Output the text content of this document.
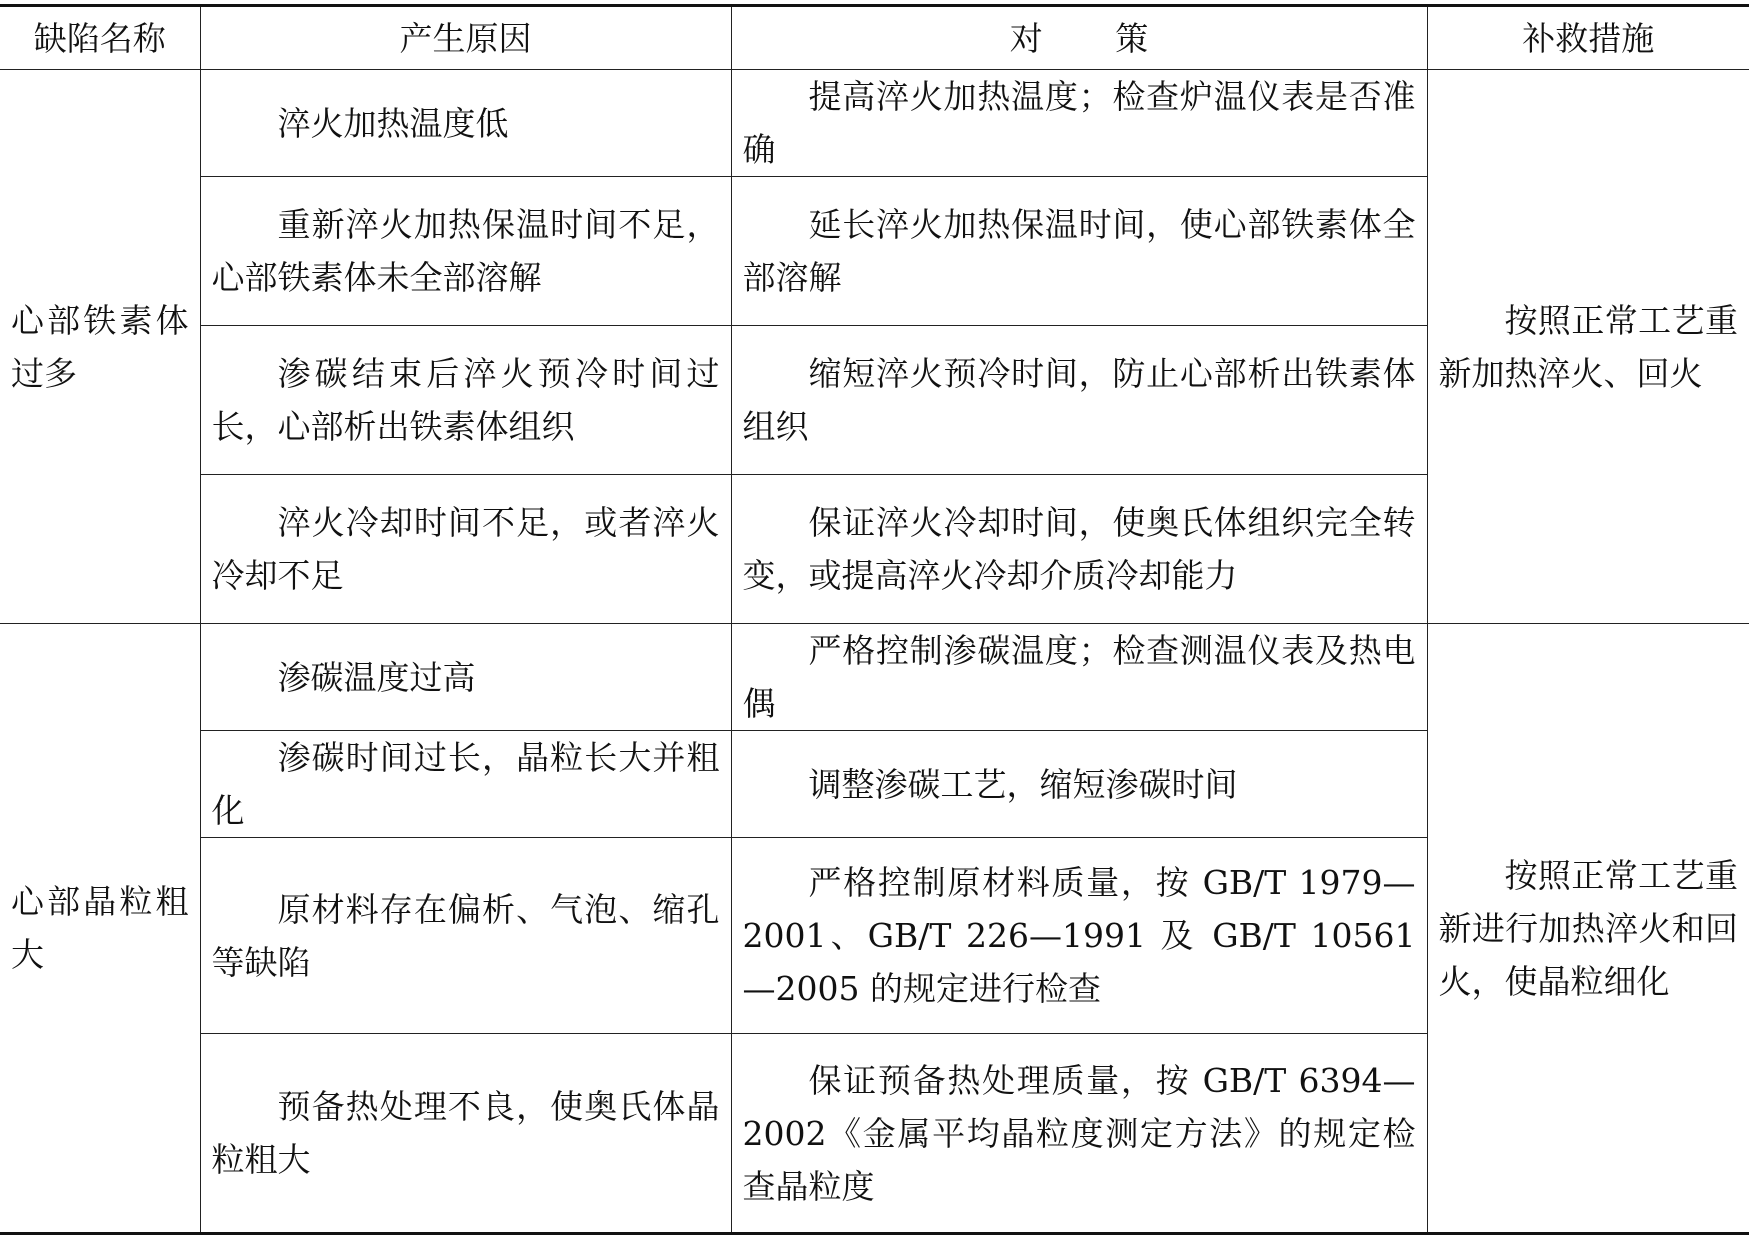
缺陷名称	产生原因	对 策	补救措施
心部铁素体过多	淬火加热温度低	提高淬火加热温度；检查炉温仪表是否准确	按照正常工艺重新加热淬火、回火

	重新淬火加热保温时间不足，心部铁素体未全部溶解	延长淬火加热保温时间，使心部铁素体全部溶解	

	渗碳结束后淬火预冷时间过长，心部析出铁素体组织	缩短淬火预冷时间，防止心部析出铁素体组织	

	淬火冷却时间不足，或者淬火冷却不足	保证淬火冷却时间，使奥氏体组织完全转变，或提高淬火冷却介质冷却能力	

心部晶粒粗大	渗碳温度过高	严格控制渗碳温度；检查测温仪表及热电偶	按照正常工艺重新进行加热淬火和回火，使晶粒细化

	渗碳时间过长，晶粒长大并粗化	调整渗碳工艺，缩短渗碳时间	

	原材料存在偏析、气泡、缩孔等缺陷	严格控制原材料质量，按 GB/T 1979—2001、GB/T 226—1991 及 GB/T 10561—2005 的规定进行检查	

	预备热处理不良，使奥氏体晶粒粗大	保证预备热处理质量，按 GB/T 6394—2002《金属平均晶粒度测定方法》的规定检查晶粒度	
